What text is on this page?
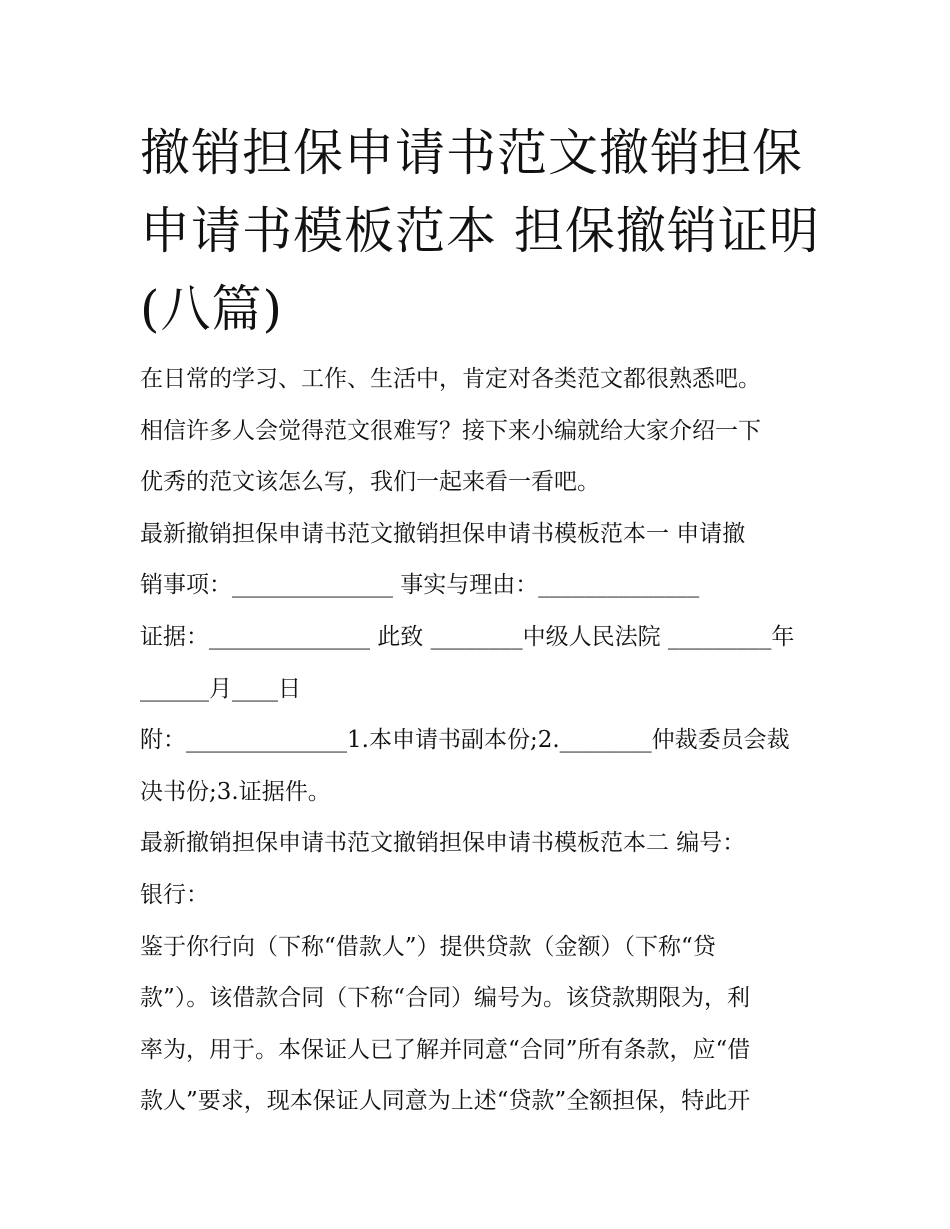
撤销担保申请书范文撤销担保
申请书模板范本 担保撤销证明
(八篇)
在日常的学习、工作、生活中，肯定对各类范文都很熟悉吧。
相信许多人会觉得范文很难写？接下来小编就给大家介绍一下
优秀的范文该怎么写，我们一起来看一看吧。
最新撤销担保申请书范文撤销担保申请书模板范本一 申请撤
销事项：______________ 事实与理由：______________
证据：______________ 此致 ________中级人民法院 _________年
______月____日
附：______________1.本申请书副本份;2.________仲裁委员会裁
决书份;3.证据件。
最新撤销担保申请书范文撤销担保申请书模板范本二 编号：
银行：
鉴于你行向（下称“借款人”）提供贷款（金额）（下称“贷
款”）。该借款合同（下称“合同）编号为。该贷款期限为，利
率为，用于。本保证人已了解并同意“合同”所有条款，应“借
款人”要求，现本保证人同意为上述“贷款”全额担保，特此开
